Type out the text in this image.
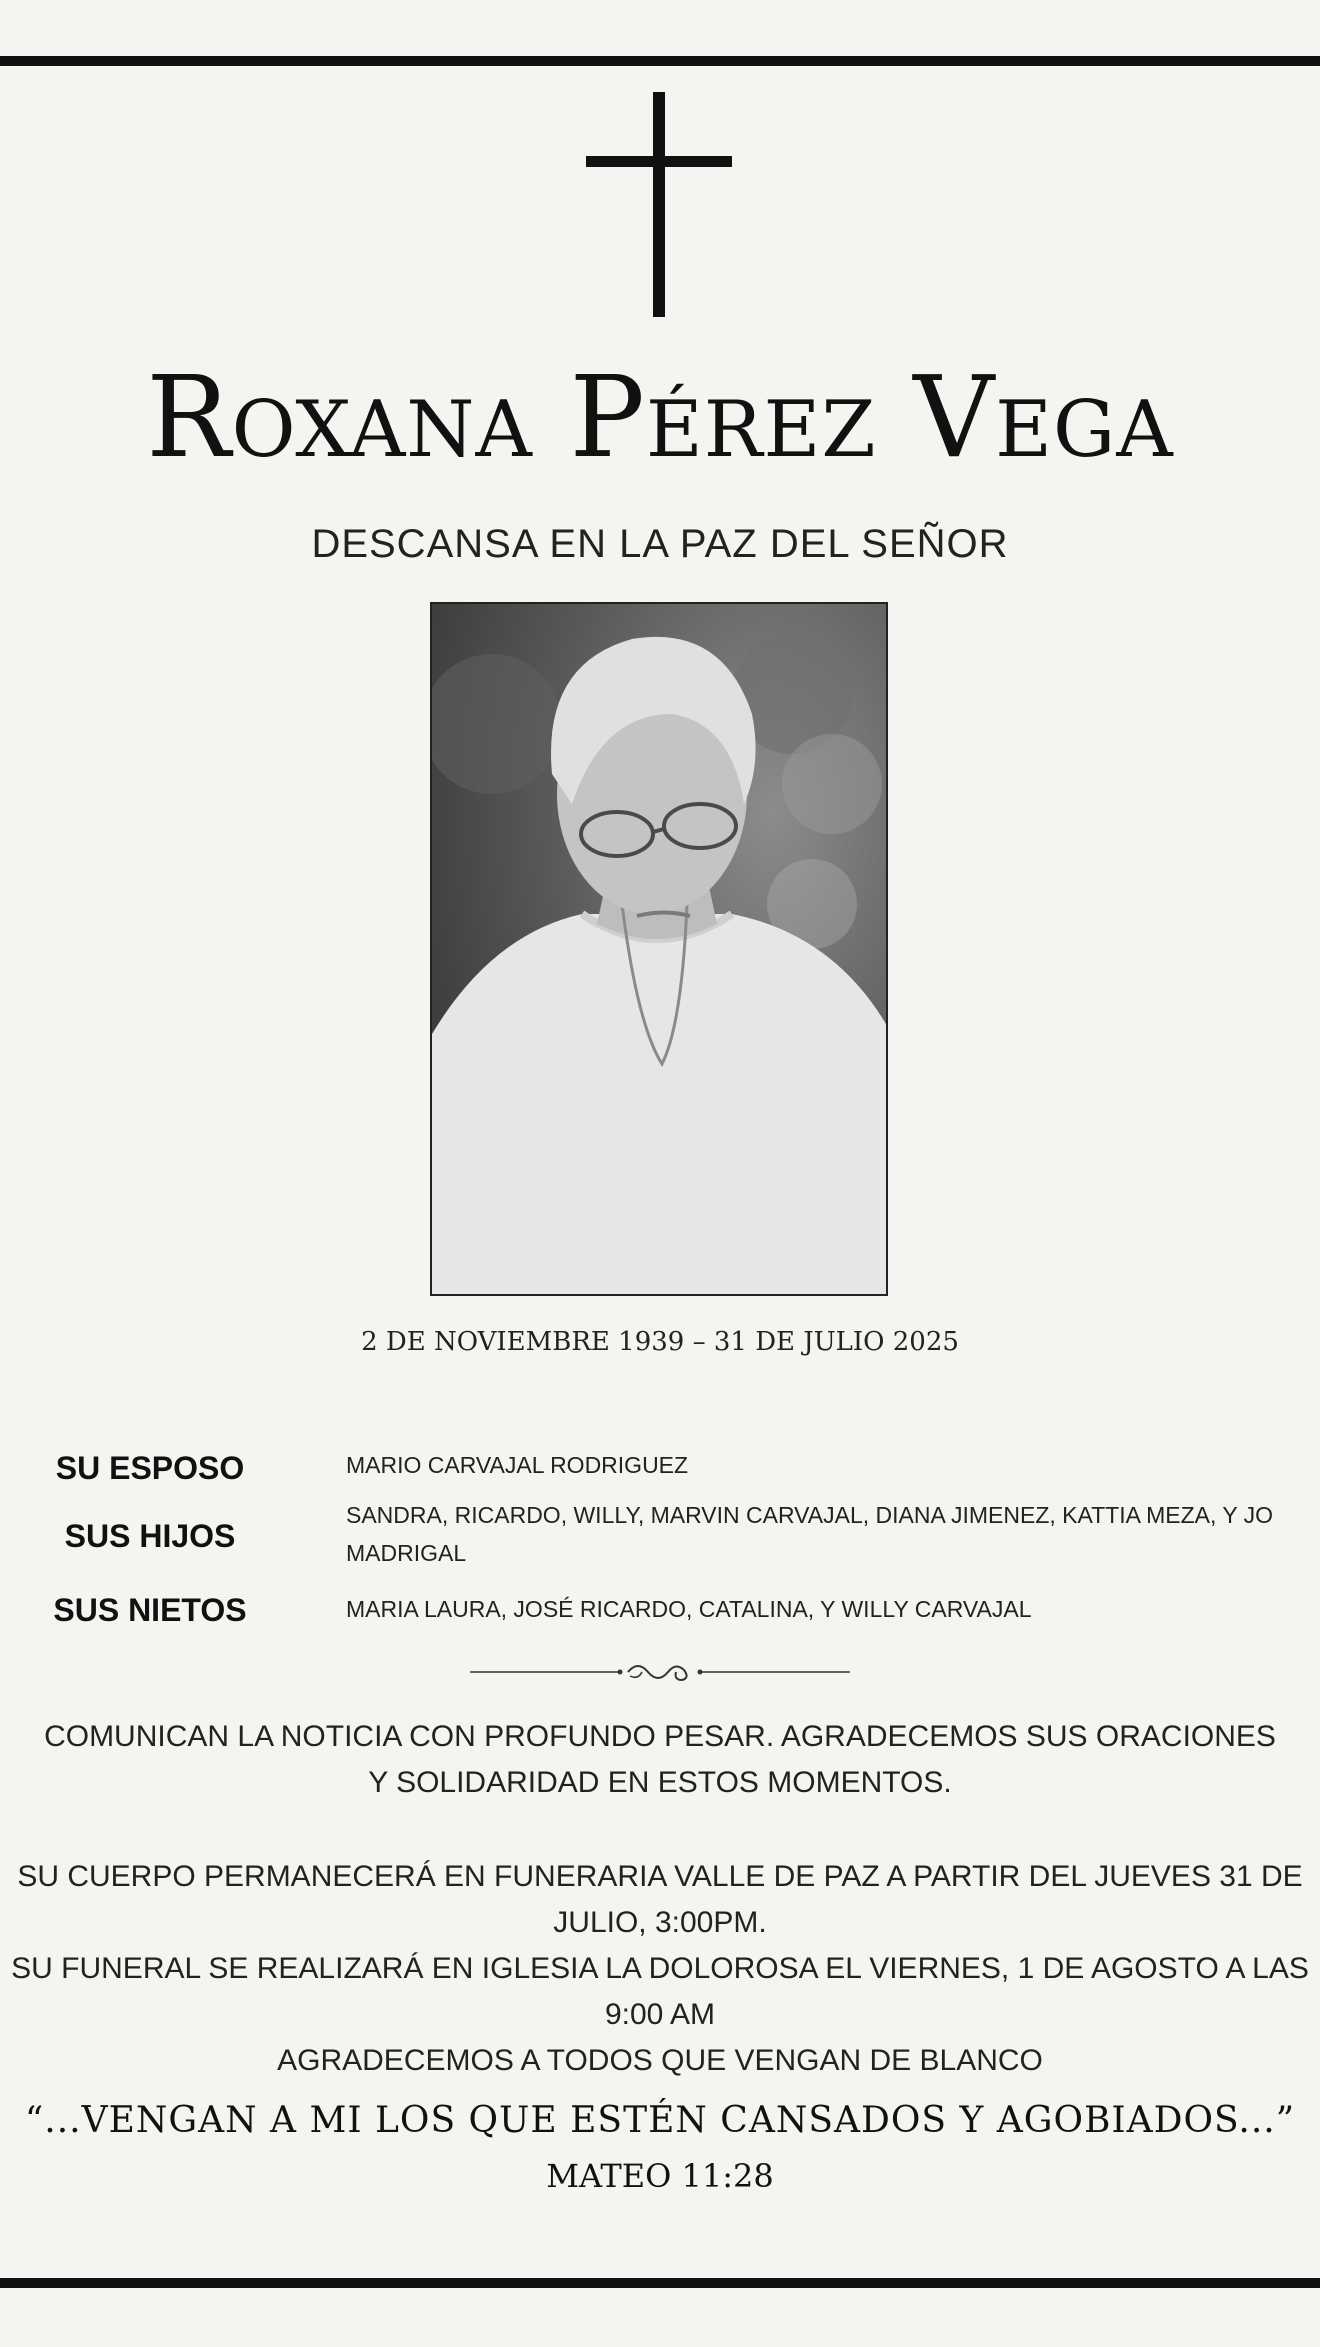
Roxana Pérez Vega
DESCANSA EN LA PAZ DEL SEÑOR
2 DE NOVIEMBRE 1939 – 31 DE JULIO 2025
SU ESPOSO	MARIO CARVAJAL RODRIGUEZ
SUS HIJOS
SANDRA, RICARDO, WILLY, MARVIN CARVAJAL, DIANA JIMENEZ, KATTIA MEZA, Y JO
MADRIGAL
SUS NIETOS	MARIA LAURA, JOSÉ RICARDO, CATALINA, Y WILLY CARVAJAL
COMUNICAN LA NOTICIA CON PROFUNDO PESAR. AGRADECEMOS SUS ORACIONES
Y SOLIDARIDAD EN ESTOS MOMENTOS.
SU CUERPO PERMANECERÁ EN FUNERARIA VALLE DE PAZ A PARTIR DEL JUEVES 31 DE
JULIO, 3:00PM.
SU FUNERAL SE REALIZARÁ EN IGLESIA LA DOLOROSA EL VIERNES, 1 DE AGOSTO A LAS
9:00 AM
AGRADECEMOS A TODOS QUE VENGAN DE BLANCO
“...VENGAN A MI LOS QUE ESTÉN CANSADOS Y AGOBIADOS...”
MATEO 11:28
